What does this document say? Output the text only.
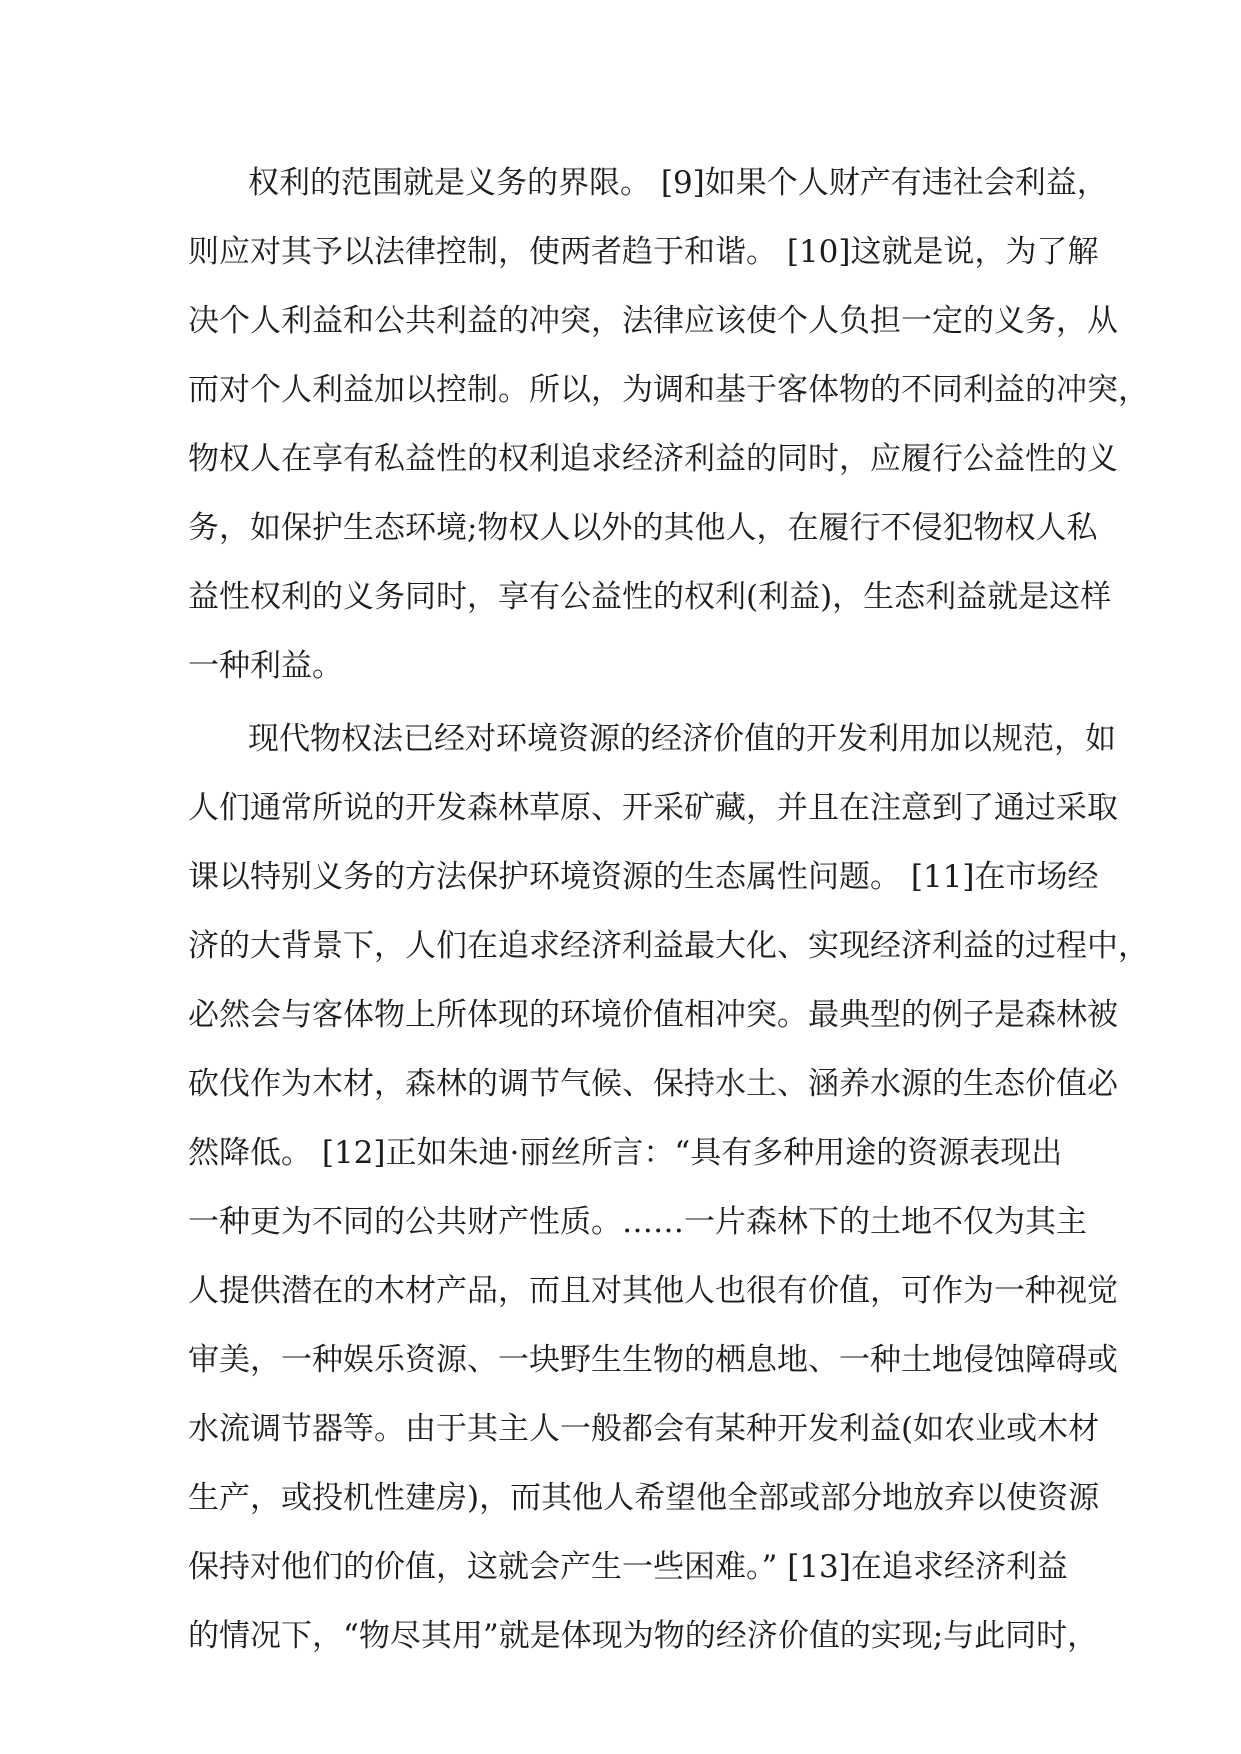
权利的范围就是义务的界限。 [9]如果个人财产有违社会利益，
则应对其予以法律控制，使两者趋于和谐。 [10]这就是说，为了解
决个人利益和公共利益的冲突，法律应该使个人负担一定的义务，从
而对个人利益加以控制。所以，为调和基于客体物的不同利益的冲突，
物权人在享有私益性的权利追求经济利益的同时，应履行公益性的义
务，如保护生态环境;物权人以外的其他人，在履行不侵犯物权人私
益性权利的义务同时，享有公益性的权利(利益)，生态利益就是这样
一种利益。
现代物权法已经对环境资源的经济价值的开发利用加以规范，如
人们通常所说的开发森林草原、开采矿藏，并且在注意到了通过采取
课以特别义务的方法保护环境资源的生态属性问题。 [11]在市场经
济的大背景下，人们在追求经济利益最大化、实现经济利益的过程中，
必然会与客体物上所体现的环境价值相冲突。最典型的例子是森林被
砍伐作为木材，森林的调节气候、保持水土、涵养水源的生态价值必
然降低。 [12]正如朱迪·丽丝所言：“具有多种用途的资源表现出
一种更为不同的公共财产性质。……一片森林下的土地不仅为其主
人提供潜在的木材产品，而且对其他人也很有价值，可作为一种视觉
审美，一种娱乐资源、一块野生生物的栖息地、一种土地侵蚀障碍或
水流调节器等。由于其主人一般都会有某种开发利益(如农业或木材
生产，或投机性建房)，而其他人希望他全部或部分地放弃以使资源
保持对他们的价值，这就会产生一些困难。” [13]在追求经济利益
的情况下，“物尽其用”就是体现为物的经济价值的实现;与此同时，
